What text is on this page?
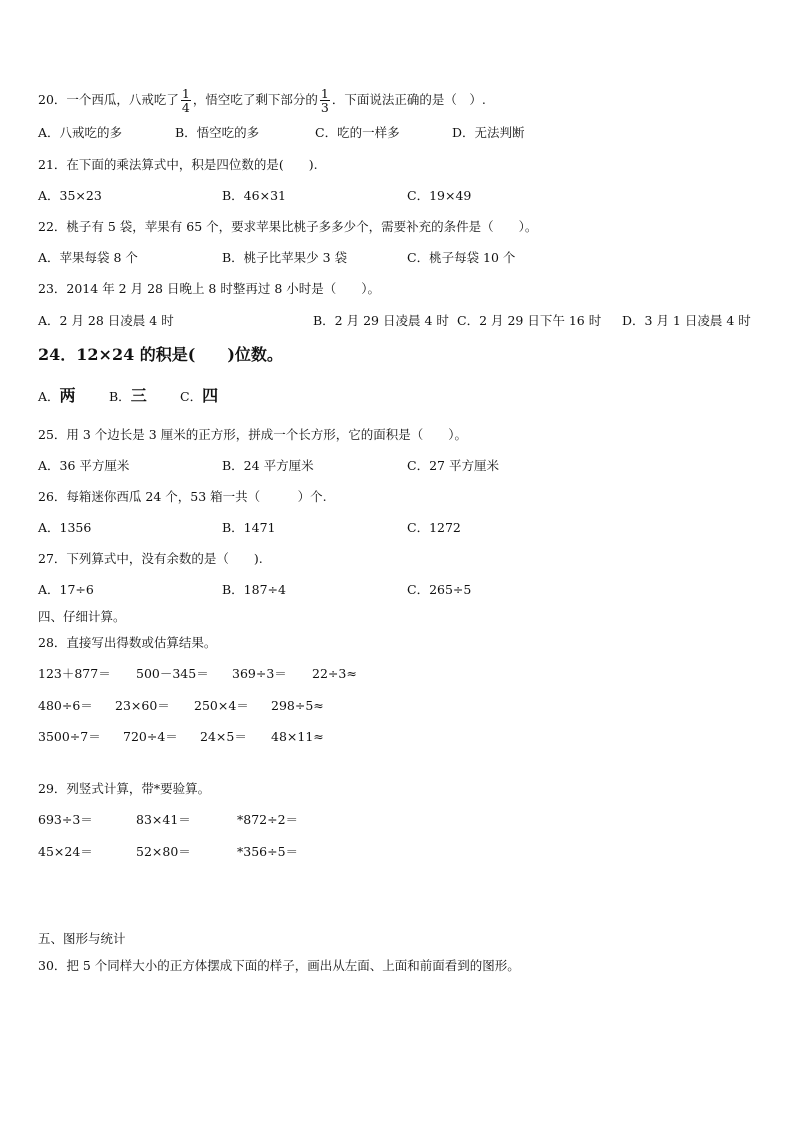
20．一个西瓜，八戒吃了 $\frac{1}{4}$ ，悟空吃了剩下部分的 $\frac{1}{3}$ ．下面说法正确的是（　）.
A．八戒吃的多	B．悟空吃的多	C．吃的一样多	D．无法判断
21．在下面的乘法算式中，积是四位数的是(　　).
A．35×23	B．46×31	C．19×49
22．桃子有 5 袋，苹果有 65 个，要求苹果比桃子多多少个，需要补充的条件是（　　）。
A．苹果每袋 8 个	B．桃子比苹果少 3 袋	C．桃子每袋 10 个
23．2014 年 2 月 28 日晚上 8 时整再过 8 小时是（　　）。
A．2 月 28 日凌晨 4 时	B．2 月 29 日凌晨 4 时 C．2 月 29 日下午 16 时 D．3 月 1 日凌晨 4 时
24．12×24 的积是(　　)位数。
A．两	B．三	C．四
25．用 3 个边长是 3 厘米的正方形，拼成一个长方形，它的面积是（　　）。
A．36 平方厘米	B．24 平方厘米	C．27 平方厘米
26．每箱迷你西瓜 24 个，53 箱一共（　　　）个.
A．1356	B．1471	C．1272
27．下列算式中，没有余数的是（　　).
A．17÷6	B．187÷4	C．265÷5
四、仔细计算。
28．直接写出得数或估算结果。
123＋877＝ 500－345＝ 369÷3＝ 22÷3≈
480÷6＝ 23×60＝ 250×4＝ 298÷5≈
3500÷7＝ 720÷4＝ 24×5＝ 48×11≈
29．列竖式计算，带*要验算。
693÷3＝	83×41＝	*872÷2＝
45×24＝	52×80＝	*356÷5＝
五、图形与统计
30．把 5 个同样大小的正方体摆成下面的样子，画出从左面、上面和前面看到的图形。
